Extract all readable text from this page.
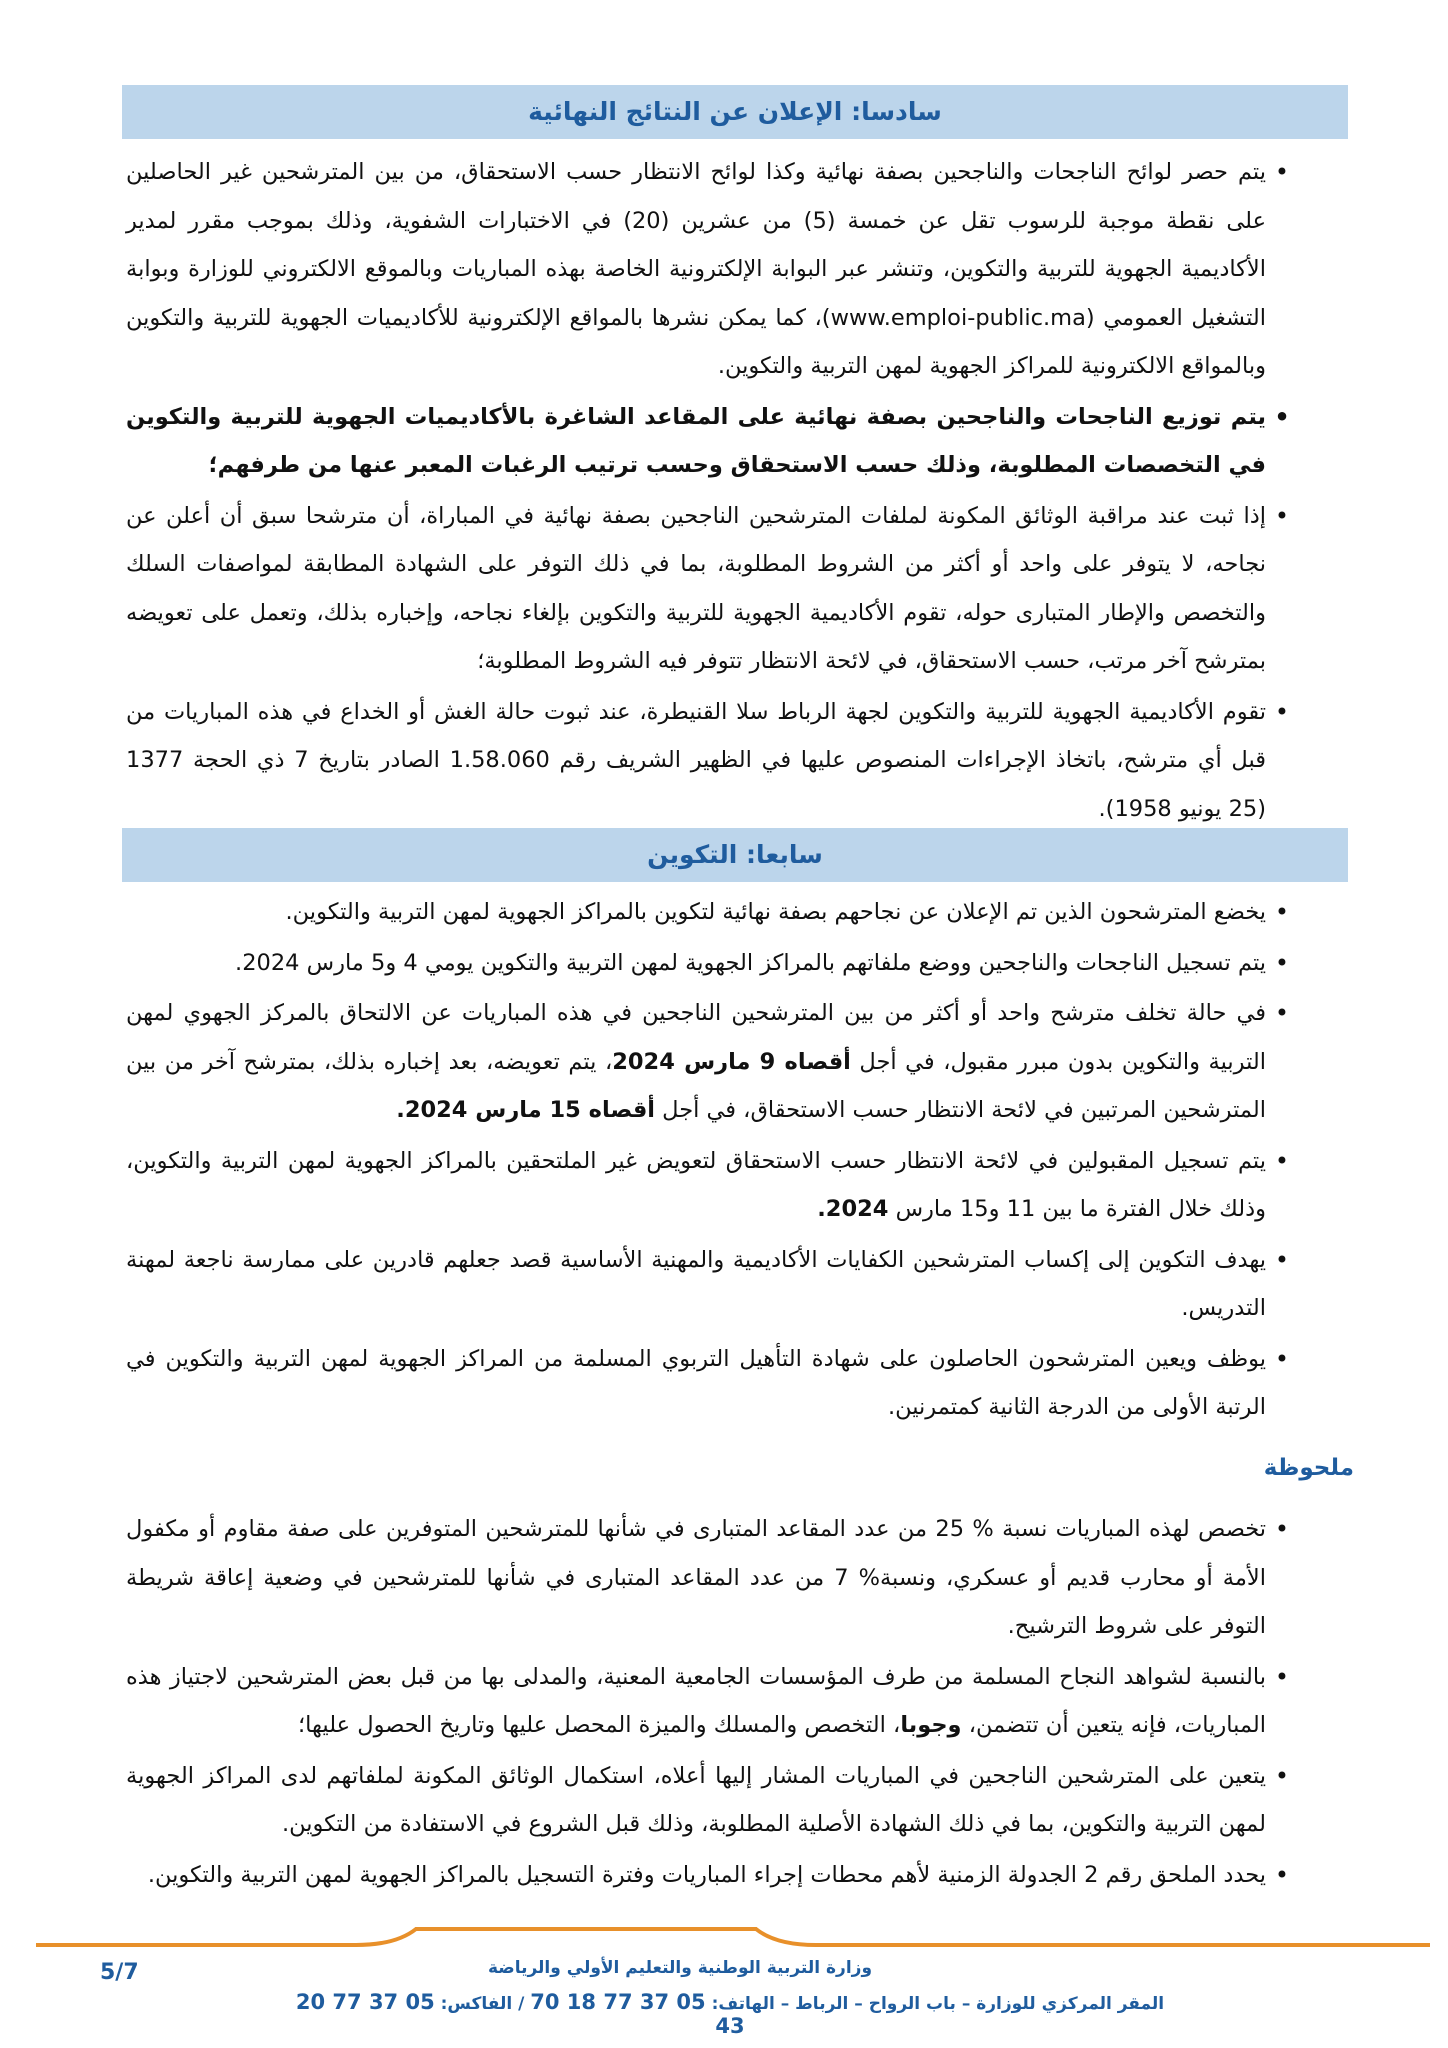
سادسا: الإعلان عن النتائج النهائية
•
يتم حصر لوائح الناجحات والناجحين بصفة نهائية وكذا لوائح الانتظار حسب الاستحقاق، من بين المترشحين غير الحاصلين على نقطة موجبة للرسوب تقل عن خمسة (5) من عشرين (20) في الاختبارات الشفوية، وذلك بموجب مقرر لمدير الأكاديمية الجهوية للتربية والتكوين، وتنشر عبر البوابة الإلكترونية الخاصة بهذه المباريات وبالموقع الالكتروني للوزارة وبوابة التشغيل العمومي (www.emploi-public.ma)، كما يمكن نشرها بالمواقع الإلكترونية للأكاديميات الجهوية للتربية والتكوين وبالمواقع الالكترونية للمراكز الجهوية لمهن التربية والتكوين.
•
يتم توزيع الناجحات والناجحين بصفة نهائية على المقاعد الشاغرة بالأكاديميات الجهوية للتربية والتكوين في التخصصات المطلوبة، وذلك حسب الاستحقاق وحسب ترتيب الرغبات المعبر عنها من طرفهم؛
•
إذا ثبت عند مراقبة الوثائق المكونة لملفات المترشحين الناجحين بصفة نهائية في المباراة، أن مترشحا سبق أن أعلن عن نجاحه، لا يتوفر على واحد أو أكثر من الشروط المطلوبة، بما في ذلك التوفر على الشهادة المطابقة لمواصفات السلك والتخصص والإطار المتبارى حوله، تقوم الأكاديمية الجهوية للتربية والتكوين بإلغاء نجاحه، وإخباره بذلك، وتعمل على تعويضه بمترشح آخر مرتب، حسب الاستحقاق، في لائحة الانتظار تتوفر فيه الشروط المطلوبة؛
•
تقوم الأكاديمية الجهوية للتربية والتكوين لجهة الرباط سلا القنيطرة، عند ثبوت حالة الغش أو الخداع في هذه المباريات من قبل أي مترشح، باتخاذ الإجراءات المنصوص عليها في الظهير الشريف رقم 1.58.060 الصادر بتاريخ 7 ذي الحجة 1377 (25 يونيو 1958).
سابعا: التكوين
•
يخضع المترشحون الذين تم الإعلان عن نجاحهم بصفة نهائية لتكوين بالمراكز الجهوية لمهن التربية والتكوين.
•
يتم تسجيل الناجحات والناجحين ووضع ملفاتهم بالمراكز الجهوية لمهن التربية والتكوين يومي 4 و5 مارس 2024.
•
في حالة تخلف مترشح واحد أو أكثر من بين المترشحين الناجحين في هذه المباريات عن الالتحاق بالمركز الجهوي لمهن التربية والتكوين بدون مبرر مقبول، في أجل أقصاه 9 مارس 2024، يتم تعويضه، بعد إخباره بذلك، بمترشح آخر من بين المترشحين المرتبين في لائحة الانتظار حسب الاستحقاق، في أجل أقصاه 15 مارس 2024.
•
يتم تسجيل المقبولين في لائحة الانتظار حسب الاستحقاق لتعويض غير الملتحقين بالمراكز الجهوية لمهن التربية والتكوين، وذلك خلال الفترة ما بين 11 و15 مارس 2024.
•
يهدف التكوين إلى إكساب المترشحين الكفايات الأكاديمية والمهنية الأساسية قصد جعلهم قادرين على ممارسة ناجعة لمهنة التدريس.
•
يوظف ويعين المترشحون الحاصلون على شهادة التأهيل التربوي المسلمة من المراكز الجهوية لمهن التربية والتكوين في الرتبة الأولى من الدرجة الثانية كمتمرنين.
ملحوظة
•
تخصص لهذه المباريات نسبة % 25 من عدد المقاعد المتبارى في شأنها للمترشحين المتوفرين على صفة مقاوم أو مكفول الأمة أو محارب قديم أو عسكري، ونسبة% 7 من عدد المقاعد المتبارى في شأنها للمترشحين في وضعية إعاقة شريطة التوفر على شروط الترشيح.
•
بالنسبة لشواهد النجاح المسلمة من طرف المؤسسات الجامعية المعنية، والمدلى بها من قبل بعض المترشحين لاجتياز هذه المباريات، فإنه يتعين أن تتضمن، وجوبا، التخصص والمسلك والميزة المحصل عليها وتاريخ الحصول عليها؛
•
يتعين على المترشحين الناجحين في المباريات المشار إليها أعلاه، استكمال الوثائق المكونة لملفاتهم لدى المراكز الجهوية لمهن التربية والتكوين، بما في ذلك الشهادة الأصلية المطلوبة، وذلك قبل الشروع في الاستفادة من التكوين.
•
يحدد الملحق رقم 2 الجدولة الزمنية لأهم محطات إجراء المباريات وفترة التسجيل بالمراكز الجهوية لمهن التربية والتكوين.
وزارة التربية الوطنية والتعليم الأولي والرياضة
المقر المركزي للوزارة – باب الرواح – الرباط – الهاتف: 05 37 77 18 70 / الفاكس: 05 37 77 20 43
5/7
